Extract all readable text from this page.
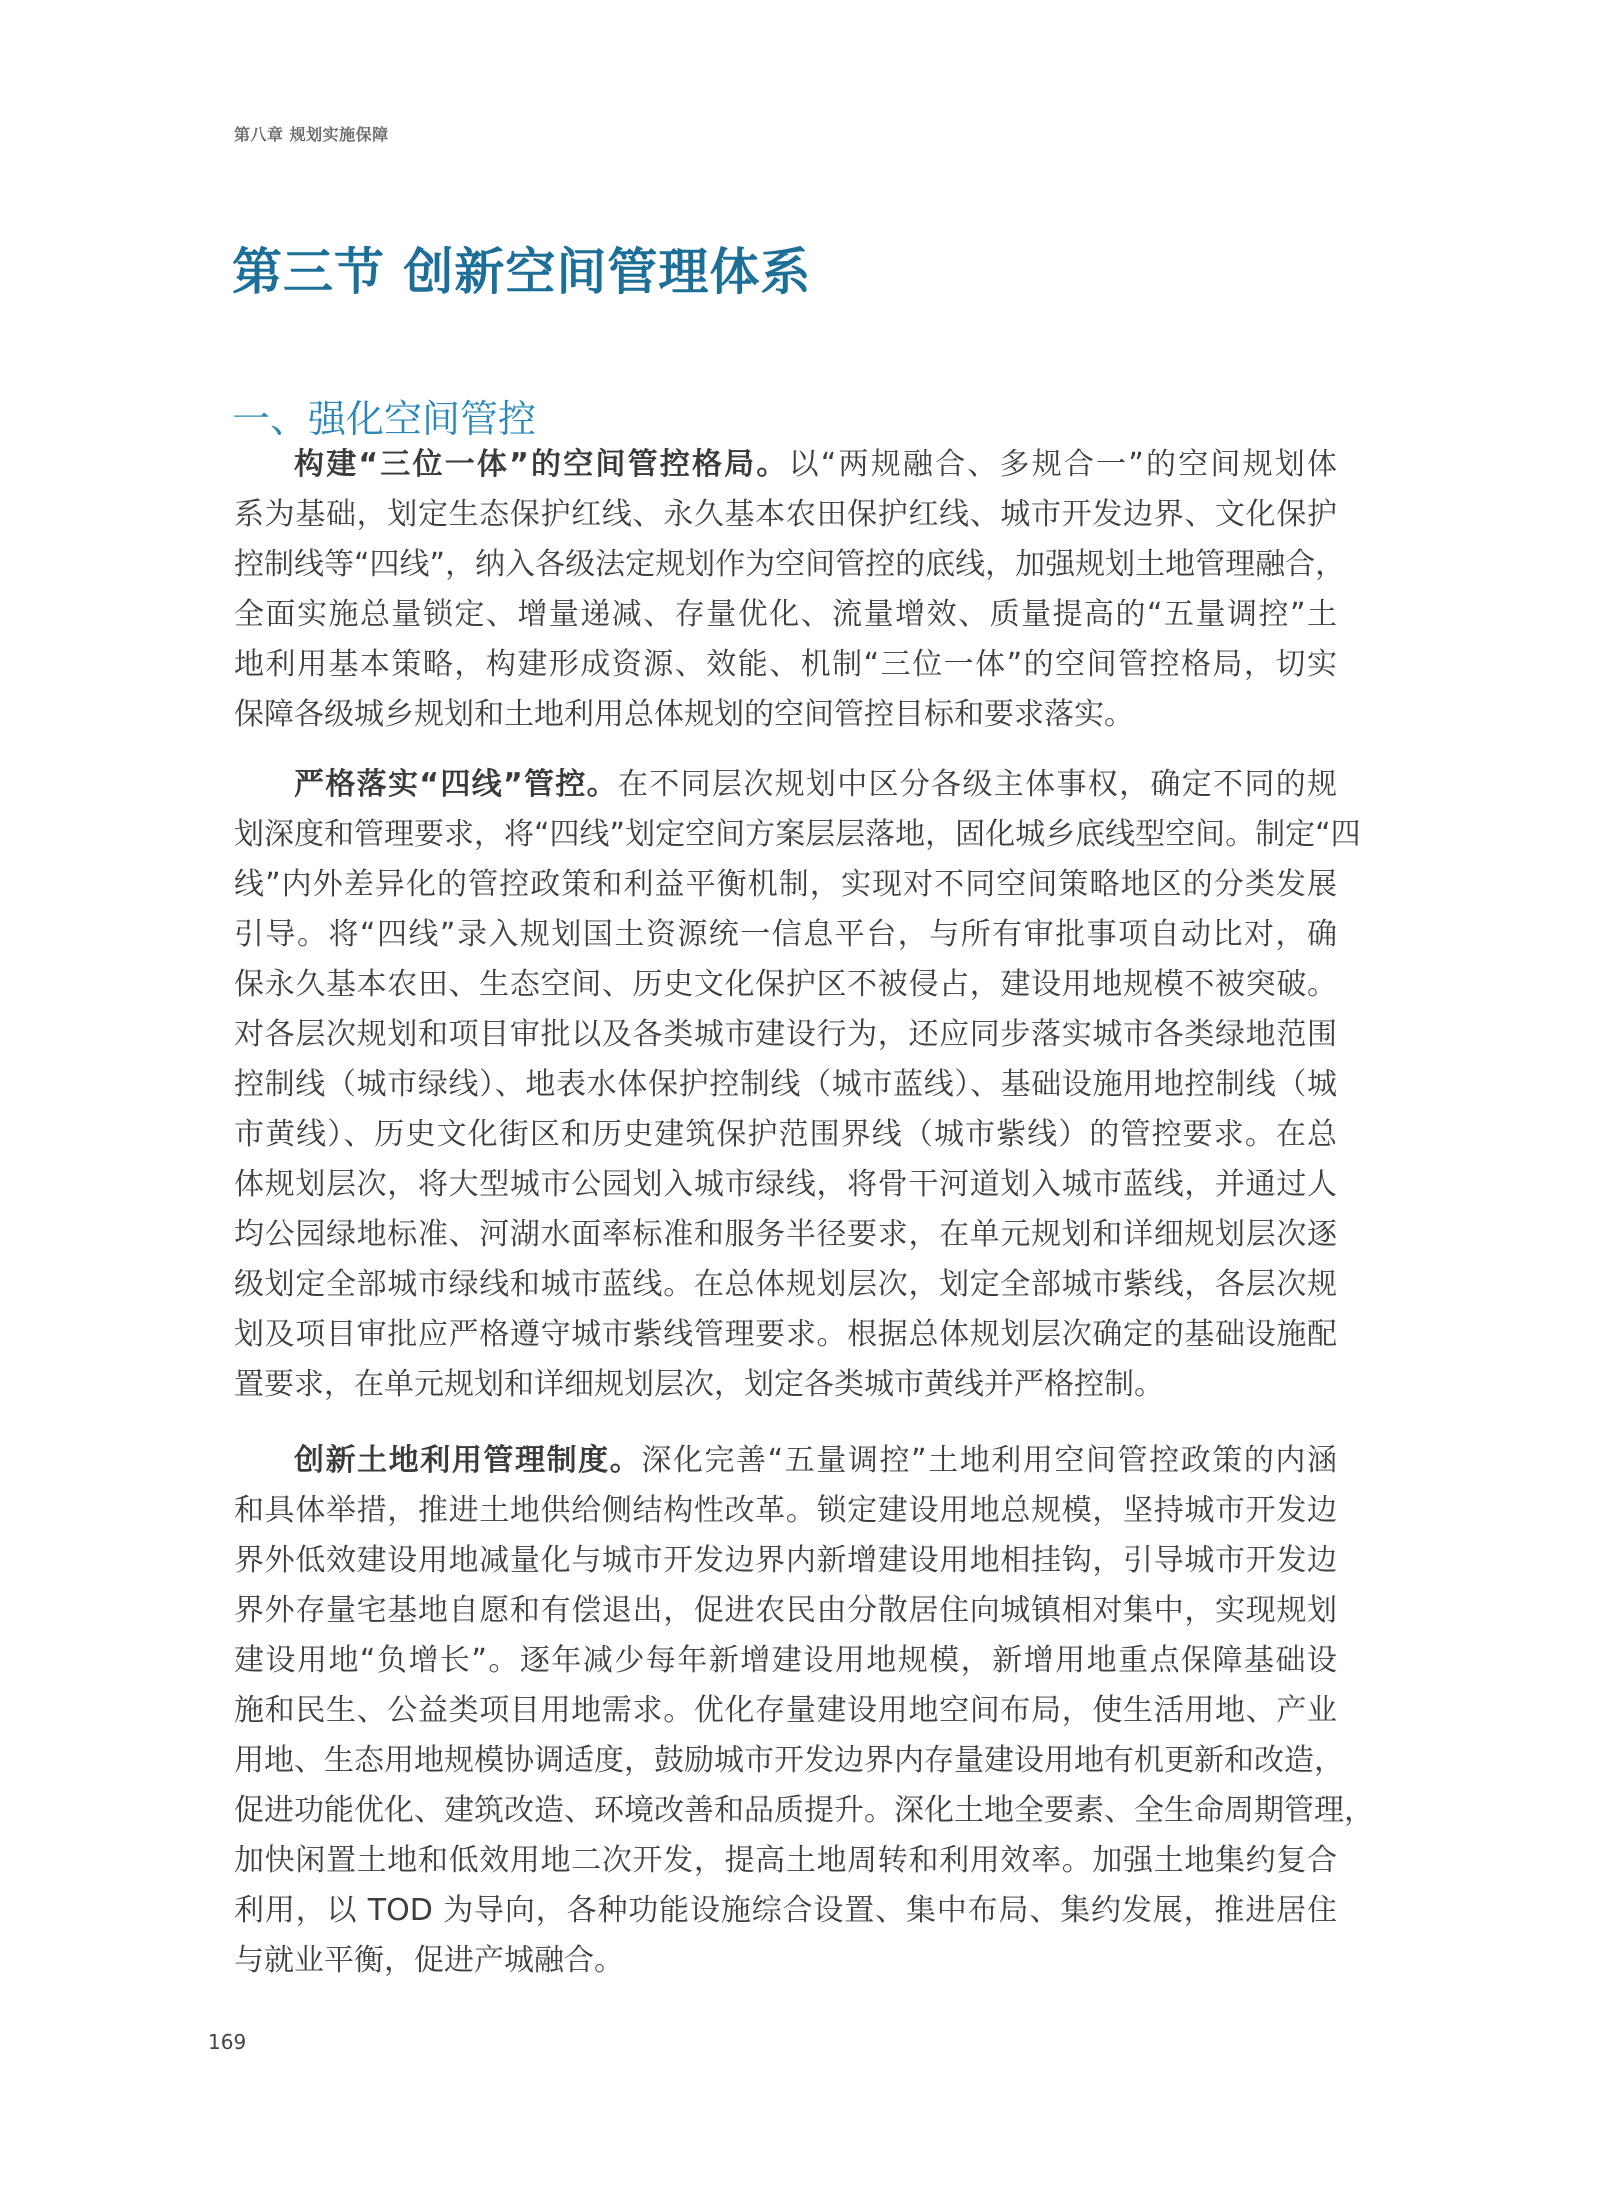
第八章 规划实施保障
第三节 创新空间管理体系
一、强化空间管控
构建“三位一体”的空间管控格局。以“两规融合、多规合一”的空间规划体
系为基础，划定生态保护红线、永久基本农田保护红线、城市开发边界、文化保护
控制线等“四线”，纳入各级法定规划作为空间管控的底线，加强规划土地管理融合，
全面实施总量锁定、增量递减、存量优化、流量增效、质量提高的“五量调控”土
地利用基本策略，构建形成资源、效能、机制“三位一体”的空间管控格局，切实
保障各级城乡规划和土地利用总体规划的空间管控目标和要求落实。
严格落实“四线”管控。在不同层次规划中区分各级主体事权，确定不同的规
划深度和管理要求，将“四线”划定空间方案层层落地，固化城乡底线型空间。制定“四
线”内外差异化的管控政策和利益平衡机制，实现对不同空间策略地区的分类发展
引导。将“四线”录入规划国土资源统一信息平台，与所有审批事项自动比对，确
保永久基本农田、生态空间、历史文化保护区不被侵占，建设用地规模不被突破。
对各层次规划和项目审批以及各类城市建设行为，还应同步落实城市各类绿地范围
控制线（城市绿线）、地表水体保护控制线（城市蓝线）、基础设施用地控制线（城
市黄线）、历史文化街区和历史建筑保护范围界线（城市紫线）的管控要求。在总
体规划层次，将大型城市公园划入城市绿线，将骨干河道划入城市蓝线，并通过人
均公园绿地标准、河湖水面率标准和服务半径要求，在单元规划和详细规划层次逐
级划定全部城市绿线和城市蓝线。在总体规划层次，划定全部城市紫线，各层次规
划及项目审批应严格遵守城市紫线管理要求。根据总体规划层次确定的基础设施配
置要求，在单元规划和详细规划层次，划定各类城市黄线并严格控制。
创新土地利用管理制度。深化完善“五量调控”土地利用空间管控政策的内涵
和具体举措，推进土地供给侧结构性改革。锁定建设用地总规模，坚持城市开发边
界外低效建设用地减量化与城市开发边界内新增建设用地相挂钩，引导城市开发边
界外存量宅基地自愿和有偿退出，促进农民由分散居住向城镇相对集中，实现规划
建设用地“负增长”。逐年减少每年新增建设用地规模，新增用地重点保障基础设
施和民生、公益类项目用地需求。优化存量建设用地空间布局，使生活用地、产业
用地、生态用地规模协调适度，鼓励城市开发边界内存量建设用地有机更新和改造，
促进功能优化、建筑改造、环境改善和品质提升。深化土地全要素、全生命周期管理，
加快闲置土地和低效用地二次开发，提高土地周转和利用效率。加强土地集约复合
利用，以 TOD 为导向，各种功能设施综合设置、集中布局、集约发展，推进居住
与就业平衡，促进产城融合。
169
